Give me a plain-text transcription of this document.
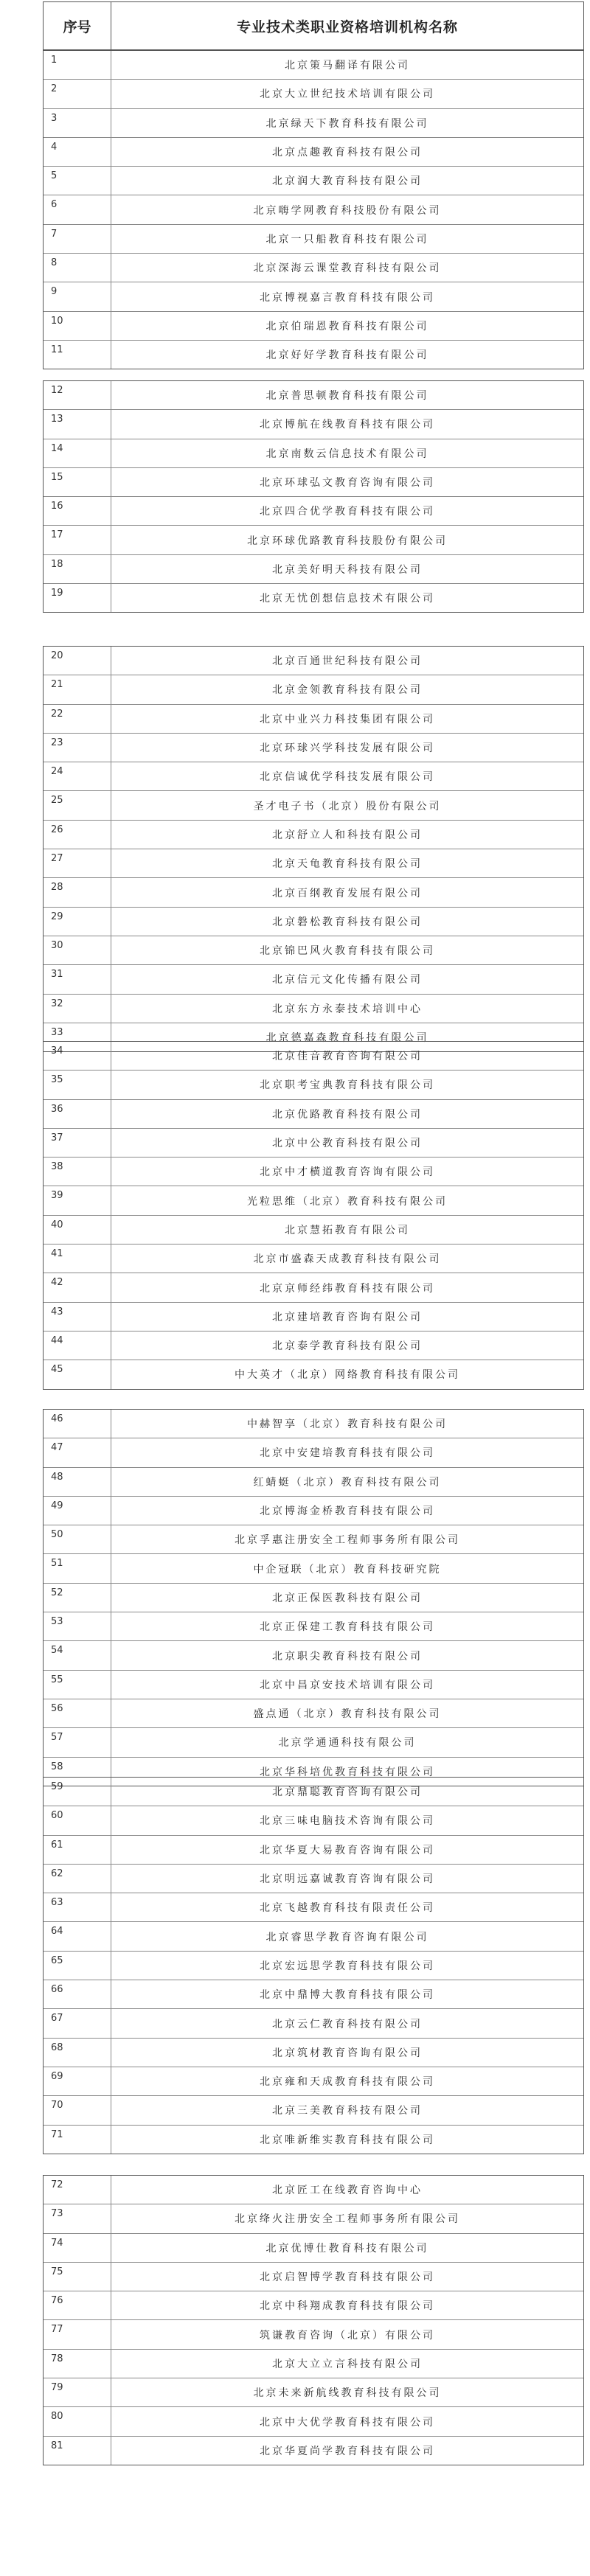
序号	专业技术类职业资格培训机构名称
1	北京策马翻译有限公司
2	北京大立世纪技术培训有限公司
3	北京绿天下教育科技有限公司
4	北京点趣教育科技有限公司
5	北京润大教育科技有限公司
6	北京嗨学网教育科技股份有限公司
7	北京一只船教育科技有限公司
8	北京深海云课堂教育科技有限公司
9	北京博视嘉言教育科技有限公司
10	北京伯瑞恩教育科技有限公司
11	北京好好学教育科技有限公司
12	北京普思顿教育科技有限公司
13	北京博航在线教育科技有限公司
14	北京南数云信息技术有限公司
15	北京环球弘文教育咨询有限公司
16	北京四合优学教育科技有限公司
17	北京环球优路教育科技股份有限公司
18	北京美好明天科技有限公司
19	北京无忧创想信息技术有限公司
20	北京百通世纪科技有限公司
21	北京金领教育科技有限公司
22	北京中业兴力科技集团有限公司
23	北京环球兴学科技发展有限公司
24	北京信诚优学科技发展有限公司
25	圣才电子书（北京）股份有限公司
26	北京舒立人和科技有限公司
27	北京天龟教育科技有限公司
28	北京百纲教育发展有限公司
29	北京磐松教育科技有限公司
30	北京锦巴风火教育科技有限公司
31	北京信元文化传播有限公司
32	北京东方永泰技术培训中心
33	北京德嘉森教育科技有限公司
34	北京佳音教育咨询有限公司
35	北京职考宝典教育科技有限公司
36	北京优路教育科技有限公司
37	北京中公教育科技有限公司
38	北京中才横道教育咨询有限公司
39	光粒思维（北京）教育科技有限公司
40	北京慧拓教育有限公司
41	北京市盛森天成教育科技有限公司
42	北京京师经纬教育科技有限公司
43	北京建培教育咨询有限公司
44	北京泰学教育科技有限公司
45	中大英才（北京）网络教育科技有限公司
46	中赫智享（北京）教育科技有限公司
47	北京中安建培教育科技有限公司
48	红蜻蜓（北京）教育科技有限公司
49	北京博海金桥教育科技有限公司
50	北京孚惠注册安全工程师事务所有限公司
51	中企冠联（北京）教育科技研究院
52	北京正保医教科技有限公司
53	北京正保建工教育科技有限公司
54	北京职尖教育科技有限公司
55	北京中昌京安技术培训有限公司
56	盛点通（北京）教育科技有限公司
57	北京学通通科技有限公司
58	北京华科培优教育科技有限公司
59	北京鼎聪教育咨询有限公司
60	北京三味电脑技术咨询有限公司
61	北京华夏大易教育咨询有限公司
62	北京明远嘉诚教育咨询有限公司
63	北京飞越教育科技有限责任公司
64	北京睿思学教育咨询有限公司
65	北京宏远思学教育科技有限公司
66	北京中鼎博大教育科技有限公司
67	北京云仁教育科技有限公司
68	北京筑材教育咨询有限公司
69	北京雍和天成教育科技有限公司
70	北京三美教育科技有限公司
71	北京唯新维实教育科技有限公司
72	北京匠工在线教育咨询中心
73	北京绛火注册安全工程师事务所有限公司
74	北京优博仕教育科技有限公司
75	北京启智博学教育科技有限公司
76	北京中科翔成教育科技有限公司
77	筑谦教育咨询（北京）有限公司
78	北京大立立言科技有限公司
79	北京未来新航线教育科技有限公司
80	北京中大优学教育科技有限公司
81	北京华夏尚学教育科技有限公司
